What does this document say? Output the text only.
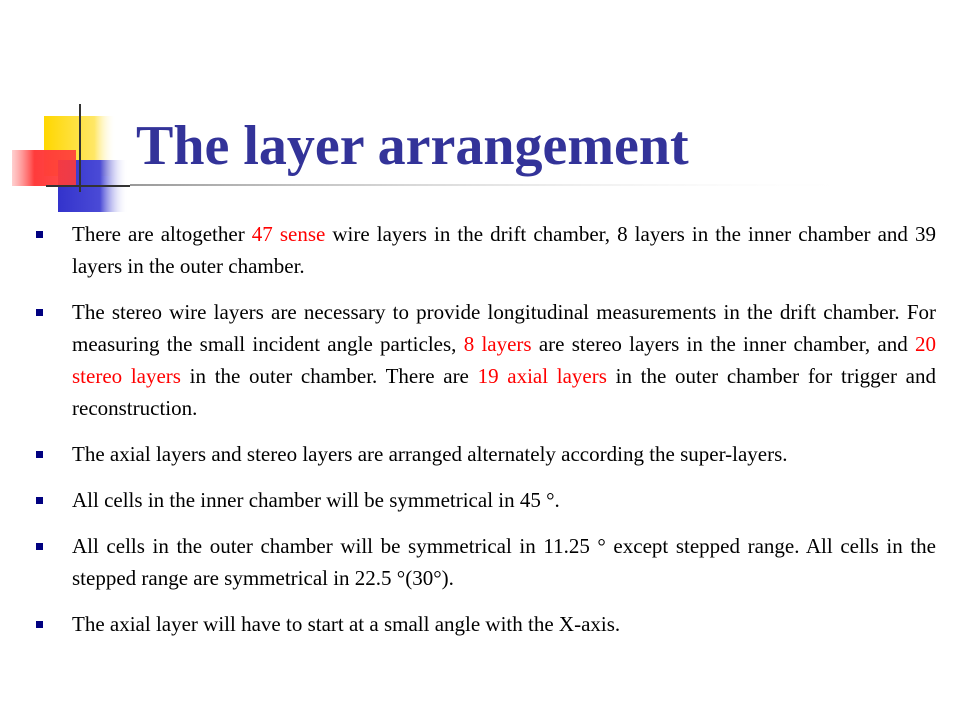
The layer arrangement
There are altogether 47 sense wire layers in the drift chamber, 8 layers in the inner chamber and 39 layers in the outer chamber.
The stereo wire layers are necessary to provide longitudinal measurements in the drift chamber. For measuring the small incident angle particles, 8 layers are stereo layers in the inner chamber, and 20 stereo layers in the outer chamber. There are 19 axial layers in the outer chamber for trigger and reconstruction.
The axial layers and stereo layers are arranged alternately according the super-layers.
All cells in the inner chamber will be symmetrical in 45 °.
All cells in the outer chamber will be symmetrical in 11.25 ° except stepped range. All cells in the stepped range are symmetrical in 22.5 °(30°).
The axial layer will have to start at a small angle with the X-axis.
